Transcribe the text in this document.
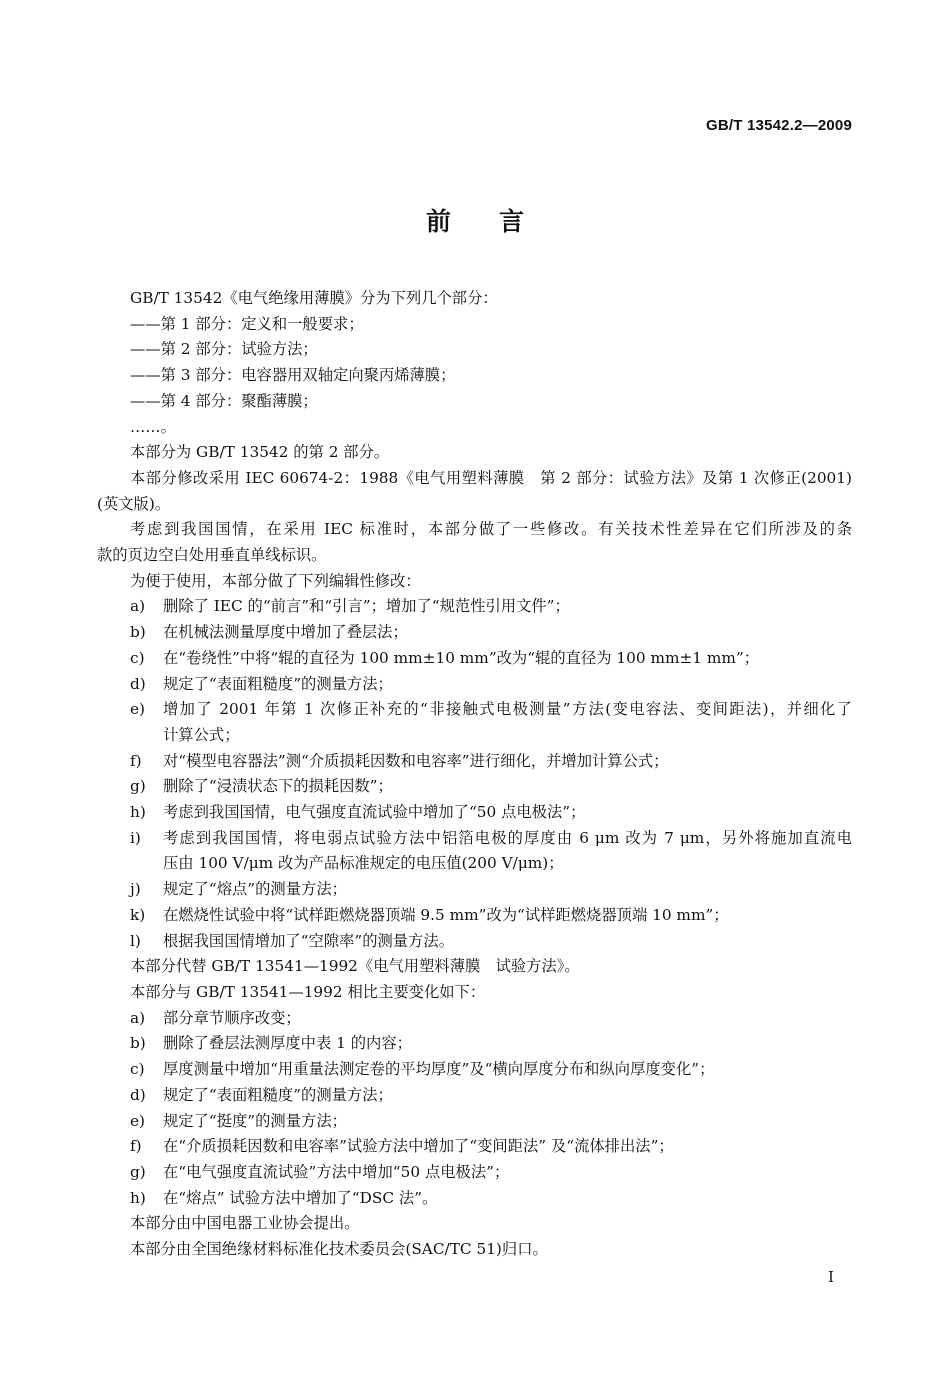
GB/T 13542.2—2009
前言
GB/T 13542《电气绝缘用薄膜》分为下列几个部分：
——第 1 部分：定义和一般要求；
——第 2 部分：试验方法；
——第 3 部分：电容器用双轴定向聚丙烯薄膜；
——第 4 部分：聚酯薄膜；
……。
本部分为 GB/T 13542 的第 2 部分。
本部分修改采用 IEC 60674-2：1988《电气用塑料薄膜　第 2 部分：试验方法》及第 1 次修正(2001)
(英文版)。
考虑到我国国情，在采用 IEC 标准时，本部分做了一些修改。有关技术性差异在它们所涉及的条
款的页边空白处用垂直单线标识。
为便于使用，本部分做了下列编辑性修改：
a) 删除了 IEC 的“前言”和“引言”；增加了“规范性引用文件”；
b) 在机械法测量厚度中增加了叠层法；
c) 在“卷绕性”中将“辊的直径为 100 mm±10 mm”改为“辊的直径为 100 mm±1 mm”；
d) 规定了“表面粗糙度”的测量方法；
e) 增加了 2001 年第 1 次修正补充的“非接触式电极测量”方法(变电容法、变间距法)，并细化了
计算公式；
f) 对“模型电容器法”测“介质损耗因数和电容率”进行细化，并增加计算公式；
g) 删除了“浸渍状态下的损耗因数”；
h) 考虑到我国国情，电气强度直流试验中增加了“50 点电极法”；
i) 考虑到我国国情，将电弱点试验方法中铝箔电极的厚度由 6 μm 改为 7 μm，另外将施加直流电
压由 100 V/μm 改为产品标准规定的电压值(200 V/μm)；
j) 规定了“熔点”的测量方法；
k) 在燃烧性试验中将“试样距燃烧器顶端 9.5 mm”改为“试样距燃烧器顶端 10 mm”；
l) 根据我国国情增加了“空隙率”的测量方法。
本部分代替 GB/T 13541—1992《电气用塑料薄膜　试验方法》。
本部分与 GB/T 13541—1992 相比主要变化如下：
a) 部分章节顺序改变；
b) 删除了叠层法测厚度中表 1 的内容；
c) 厚度测量中增加“用重量法测定卷的平均厚度”及“横向厚度分布和纵向厚度变化”；
d) 规定了“表面粗糙度”的测量方法；
e) 规定了“挺度”的测量方法；
f) 在“介质损耗因数和电容率”试验方法中增加了“变间距法” 及“流体排出法”；
g) 在“电气强度直流试验”方法中增加“50 点电极法”；
h) 在“熔点” 试验方法中增加了“DSC 法”。
本部分由中国电器工业协会提出。
本部分由全国绝缘材料标准化技术委员会(SAC/TC 51)归口。
I
